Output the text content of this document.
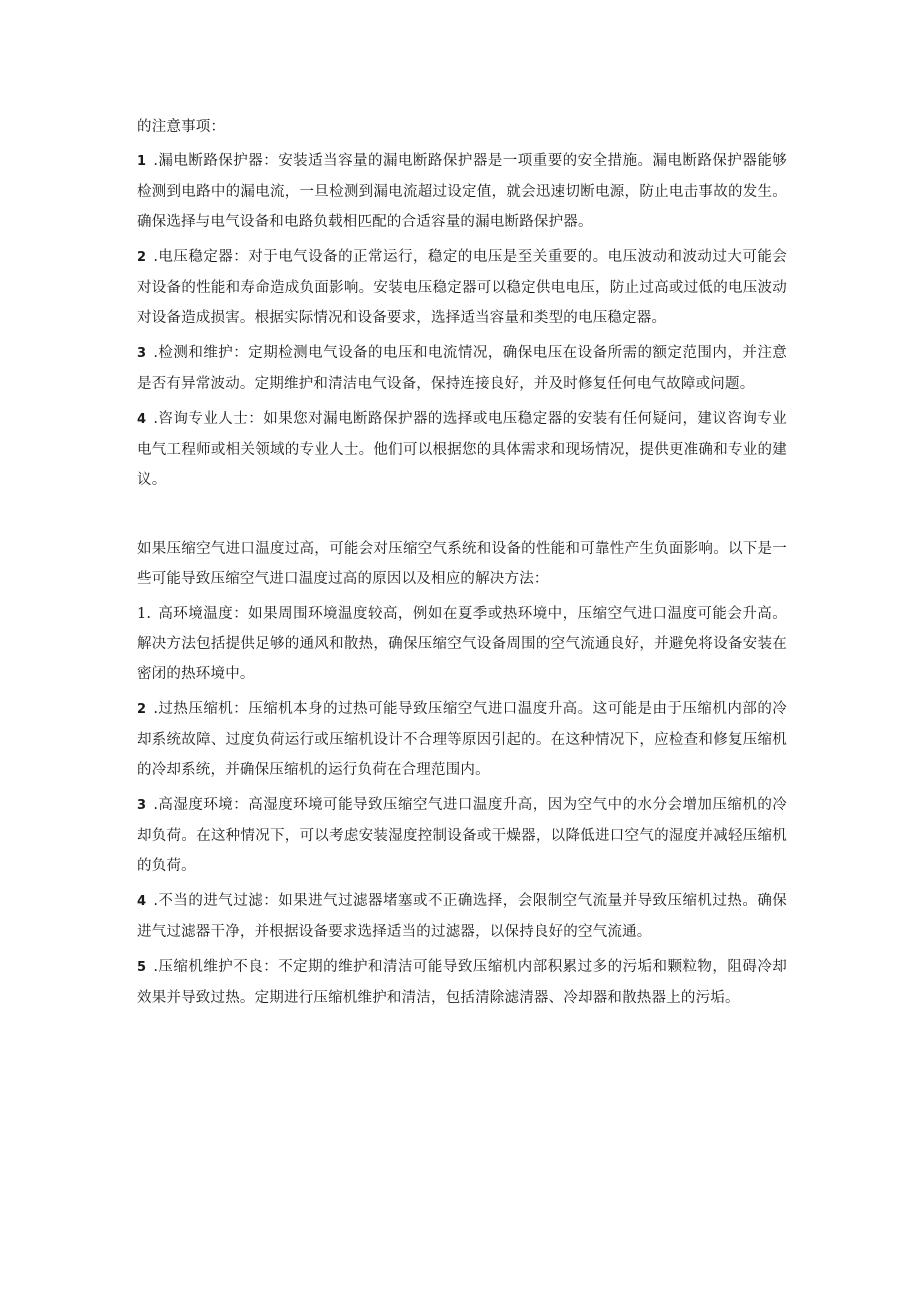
的注意事项：

1 .漏电断路保护器：安装适当容量的漏电断路保护器是一项重要的安全措施。漏电断路保护器能够检测到电路中的漏电流，一旦检测到漏电流超过设定值，就会迅速切断电源，防止电击事故的发生。确保选择与电气设备和电路负载相匹配的合适容量的漏电断路保护器。

2 .电压稳定器：对于电气设备的正常运行，稳定的电压是至关重要的。电压波动和波动过大可能会对设备的性能和寿命造成负面影响。安装电压稳定器可以稳定供电电压，防止过高或过低的电压波动对设备造成损害。根据实际情况和设备要求，选择适当容量和类型的电压稳定器。

3 .检测和维护：定期检测电气设备的电压和电流情况，确保电压在设备所需的额定范围内，并注意是否有异常波动。定期维护和清洁电气设备，保持连接良好，并及时修复任何电气故障或问题。

4 .咨询专业人士：如果您对漏电断路保护器的选择或电压稳定器的安装有任何疑问，建议咨询专业电气工程师或相关领域的专业人士。他们可以根据您的具体需求和现场情况，提供更准确和专业的建议。

如果压缩空气进口温度过高，可能会对压缩空气系统和设备的性能和可靠性产生负面影响。以下是一些可能导致压缩空气进口温度过高的原因以及相应的解决方法：

1. 高环境温度：如果周围环境温度较高，例如在夏季或热环境中，压缩空气进口温度可能会升高。解决方法包括提供足够的通风和散热，确保压缩空气设备周围的空气流通良好，并避免将设备安装在密闭的热环境中。

2 .过热压缩机：压缩机本身的过热可能导致压缩空气进口温度升高。这可能是由于压缩机内部的冷却系统故障、过度负荷运行或压缩机设计不合理等原因引起的。在这种情况下，应检查和修复压缩机的冷却系统，并确保压缩机的运行负荷在合理范围内。

3 .高湿度环境：高湿度环境可能导致压缩空气进口温度升高，因为空气中的水分会增加压缩机的冷却负荷。在这种情况下，可以考虑安装湿度控制设备或干燥器，以降低进口空气的湿度并减轻压缩机的负荷。

4 .不当的进气过滤：如果进气过滤器堵塞或不正确选择，会限制空气流量并导致压缩机过热。确保进气过滤器干净，并根据设备要求选择适当的过滤器，以保持良好的空气流通。

5 .压缩机维护不良：不定期的维护和清洁可能导致压缩机内部积累过多的污垢和颗粒物，阻碍冷却效果并导致过热。定期进行压缩机维护和清洁，包括清除滤清器、冷却器和散热器上的污垢。
